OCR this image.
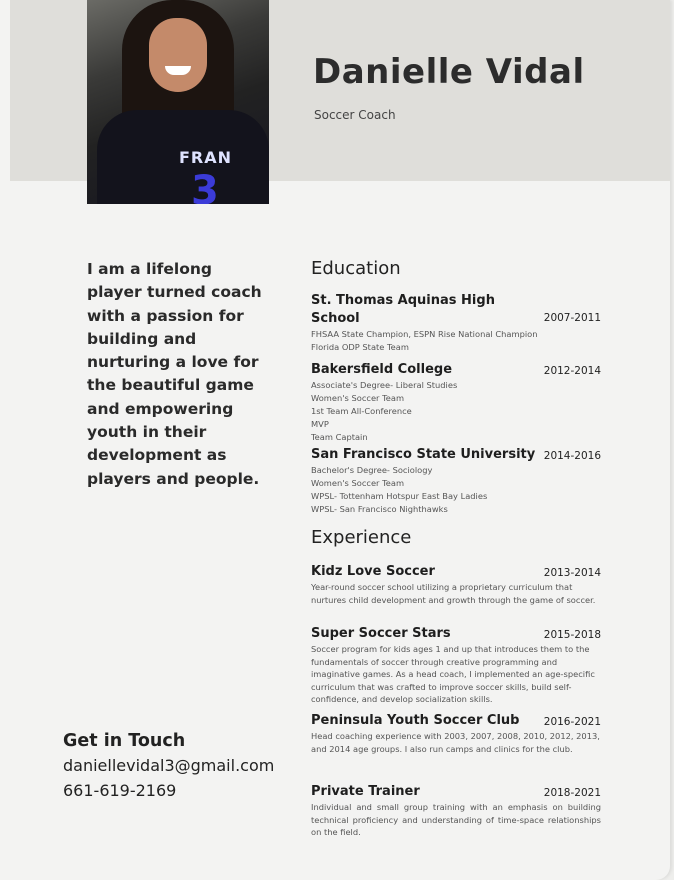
FRAN
3
Danielle Vidal
Soccer Coach
I am a lifelong player turned coach with a passion for building and nurturing a love for the beautiful game and empowering youth in their development as players and people.
Get in Touch
daniellevidal3@gmail.com
661-619-2169
Education
St. Thomas Aquinas High School	2007-2011
FHSAA State Champion, ESPN Rise National Champion
Florida ODP State Team
Bakersfield College	2012-2014
Associate's Degree- Liberal Studies
Women's Soccer Team
1st Team All-Conference
MVP
Team Captain
San Francisco State University 2014-2016
Bachelor's Degree- Sociology
Women's Soccer Team
WPSL- Tottenham Hotspur East Bay Ladies
WPSL- San Francisco Nighthawks
Experience
Kidz Love Soccer	2013-2014
Year-round soccer school utilizing a proprietary curriculum that nurtures child development and growth through the game of soccer.
Super Soccer Stars	2015-2018
Soccer program for kids ages 1 and up that introduces them to the fundamentals of soccer through creative programming and imaginative games. As a head coach, I implemented an age-specific curriculum that was crafted to improve soccer skills, build self-confidence, and develop socialization skills.
Peninsula Youth Soccer Club	2016-2021
Head coaching experience with 2003, 2007, 2008, 2010, 2012, 2013, and 2014 age groups. I also run camps and clinics for the club.
Private Trainer	2018-2021
Individual and small group training with an emphasis on building technical proficiency and understanding of time-space relationships on the field.
